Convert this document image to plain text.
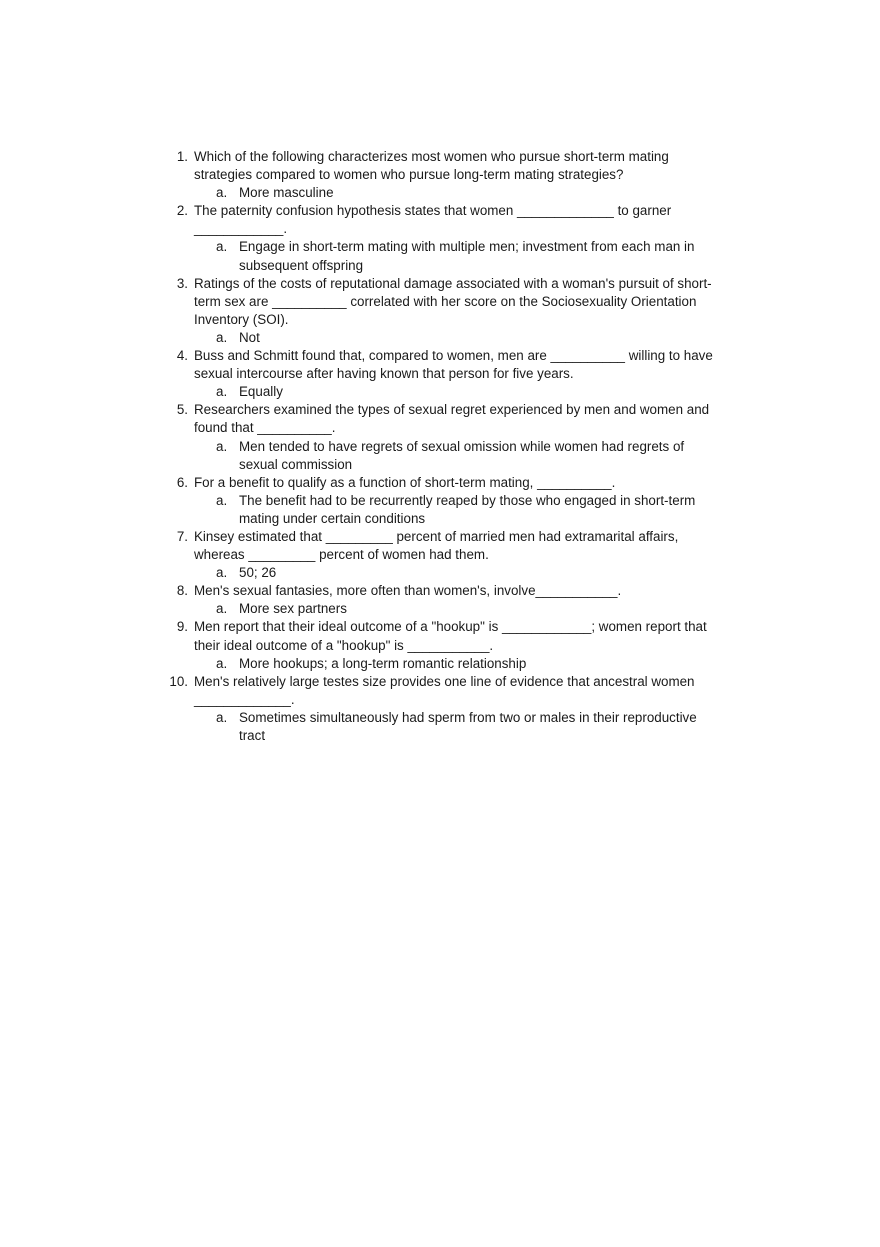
1. Which of the following characterizes most women who pursue short-term mating strategies compared to women who pursue long-term mating strategies?
a. More masculine
2. The paternity confusion hypothesis states that women _____________ to garner ____________.
a. Engage in short-term mating with multiple men; investment from each man in subsequent offspring
3. Ratings of the costs of reputational damage associated with a woman's pursuit of short-term sex are __________ correlated with her score on the Sociosexuality Orientation Inventory (SOI).
a. Not
4. Buss and Schmitt found that, compared to women, men are __________ willing to have sexual intercourse after having known that person for five years.
a. Equally
5. Researchers examined the types of sexual regret experienced by men and women and found that __________.
a. Men tended to have regrets of sexual omission while women had regrets of sexual commission
6. For a benefit to qualify as a function of short-term mating, __________.
a. The benefit had to be recurrently reaped by those who engaged in short-term mating under certain conditions
7. Kinsey estimated that _________ percent of married men had extramarital affairs, whereas _________ percent of women had them.
a. 50; 26
8. Men's sexual fantasies, more often than women's, involve___________.
a. More sex partners
9. Men report that their ideal outcome of a "hookup" is ____________; women report that their ideal outcome of a "hookup" is ___________.
a. More hookups; a long-term romantic relationship
10. Men's relatively large testes size provides one line of evidence that ancestral women _____________.
a. Sometimes simultaneously had sperm from two or males in their reproductive tract
